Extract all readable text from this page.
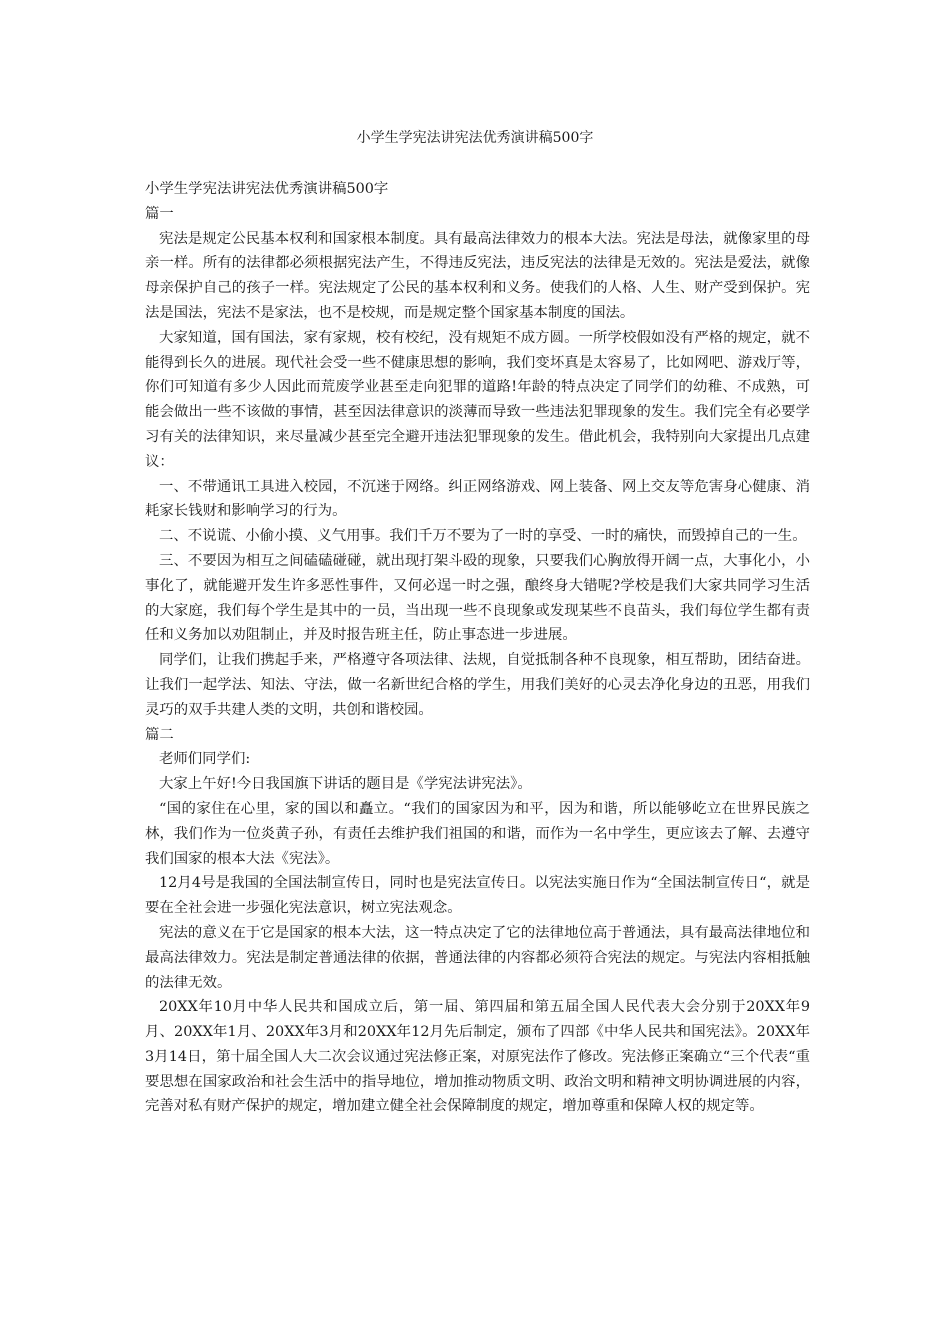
小学生学宪法讲宪法优秀演讲稿500字

小学生学宪法讲宪法优秀演讲稿500字

篇一

宪法是规定公民基本权利和国家根本制度。具有最高法律效力的根本大法。宪法是母法，就像家里的母亲一样。所有的法律都必须根据宪法产生，不得违反宪法，违反宪法的法律是无效的。宪法是爱法，就像母亲保护自己的孩子一样。宪法规定了公民的基本权利和义务。使我们的人格、人生、财产受到保护。宪法是国法，宪法不是家法，也不是校规，而是规定整个国家基本制度的国法。

大家知道，国有国法，家有家规，校有校纪，没有规矩不成方圆。一所学校假如没有严格的规定，就不能得到长久的进展。现代社会受一些不健康思想的影响，我们变坏真是太容易了，比如网吧、游戏厅等，你们可知道有多少人因此而荒废学业甚至走向犯罪的道路!年龄的特点决定了同学们的幼稚、不成熟，可能会做出一些不该做的事情，甚至因法律意识的淡薄而导致一些违法犯罪现象的发生。我们完全有必要学习有关的法律知识，来尽量减少甚至完全避开违法犯罪现象的发生。借此机会，我特别向大家提出几点建议：

一、不带通讯工具进入校园，不沉迷于网络。纠正网络游戏、网上装备、网上交友等危害身心健康、消耗家长钱财和影响学习的行为。

二、不说谎、小偷小摸、义气用事。我们千万不要为了一时的享受、一时的痛快，而毁掉自己的一生。

三、不要因为相互之间磕磕碰碰，就出现打架斗殴的现象，只要我们心胸放得开阔一点，大事化小，小事化了，就能避开发生许多恶性事件，又何必逞一时之强，酿终身大错呢?学校是我们大家共同学习生活的大家庭，我们每个学生是其中的一员，当出现一些不良现象或发现某些不良苗头，我们每位学生都有责任和义务加以劝阻制止，并及时报告班主任，防止事态进一步进展。

同学们，让我们携起手来，严格遵守各项法律、法规，自觉抵制各种不良现象，相互帮助，团结奋进。让我们一起学法、知法、守法，做一名新世纪合格的学生，用我们美好的心灵去净化身边的丑恶，用我们灵巧的双手共建人类的文明，共创和谐校园。

篇二

老师们同学们:

大家上午好!今日我国旗下讲话的题目是《学宪法讲宪法》。

“国的家住在心里，家的国以和矗立。“我们的国家因为和平，因为和谐，所以能够屹立在世界民族之林，我们作为一位炎黄子孙，有责任去维护我们祖国的和谐，而作为一名中学生，更应该去了解、去遵守我们国家的根本大法《宪法》。

12月4号是我国的全国法制宣传日，同时也是宪法宣传日。以宪法实施日作为“全国法制宣传日“，就是要在全社会进一步强化宪法意识，树立宪法观念。

宪法的意义在于它是国家的根本大法，这一特点决定了它的法律地位高于普通法，具有最高法律地位和最高法律效力。宪法是制定普通法律的依据，普通法律的内容都必须符合宪法的规定。与宪法内容相抵触的法律无效。

20XX年10月中华人民共和国成立后，第一届、第四届和第五届全国人民代表大会分别于20XX年9月、20XX年1月、20XX年3月和20XX年12月先后制定，颁布了四部《中华人民共和国宪法》。20XX年3月14日，第十届全国人大二次会议通过宪法修正案，对原宪法作了修改。宪法修正案确立“三个代表“重要思想在国家政治和社会生活中的指导地位，增加推动物质文明、政治文明和精神文明协调进展的内容，完善对私有财产保护的规定，增加建立健全社会保障制度的规定，增加尊重和保障人权的规定等。
